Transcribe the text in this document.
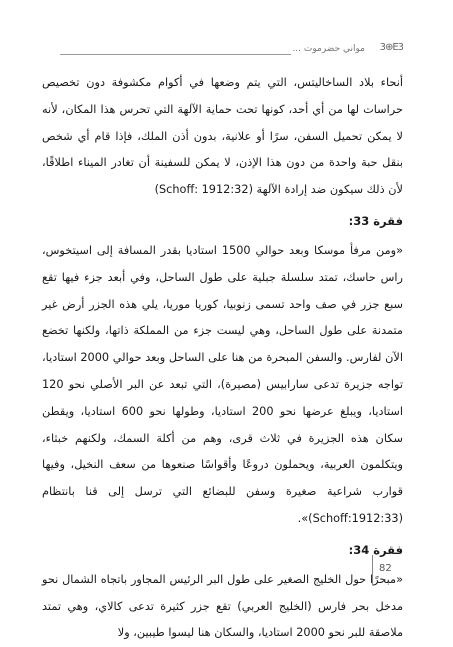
مواني حضرموت ... 3⊕E3

أنحاء بلاد الساخاليتس، التي يتم وضعها في أكوام مكشوفة دون تخصيص حراسات لها من أي أحد، كونها تحت حماية الآلهة التي تحرس هذا المكان، لأنه لا يمكن تحميل السفن، سرًا أو علانية، بدون أذن الملك، فإذا قام أي شخص بنقل حبة واحدة من دون هذا الإذن، لا يمكن للسفينة أن تغادر الميناء اطلاقًا، لأن ذلك سيكون ضد إرادة الآلهة (Schoff: 1912:32)

فقرة 33:

«ومن مرفأ موسكا وبعد حوالي 1500 استاديا بقدر المسافة إلى اسيتخوس، راس حاسك، تمتد سلسلة جبلية على طول الساحل، وفي أبعد جزء فيها تقع سبع جزر في صف واحد تسمى زنوبيا، كوريا موريا، يلي هذه الجزر أرض غير متمدنة على طول الساحل، وهي ليست جزء من المملكة ذاتها، ولكنها تخضع الآن لفارس. والسفن المبحرة من هنا على الساحل وبعد حوالي 2000 استاديا، تواجه جزيرة تدعى سارابيس (مصيرة)، التي تبعد عن البر الأصلي نحو 120 استاديا، ويبلغ عرضها نحو 200 استاديا، وطولها نحو 600 استاديا، ويقطن سكان هذه الجزيرة في ثلاث قرى، وهم من أكلة السمك، ولكنهم خبثاء، ويتكلمون العربية، ويحملون دروعًا وأقواسًا صنعوها من سعف النخيل، وفيها قوارب شراعية صغيرة وسفن للبضائع التي ترسل إلى قنا بانتظام (Schoff:1912:33)».

فقرة 34:

«مبحرًا حول الخليج الصغير على طول البر الرئيس المجاور باتجاه الشمال نحو مدخل بحر فارس (الخليج العربي) تقع جزر كثيرة تدعى كالاي، وهي تمتد ملاصقة للبر نحو 2000 استاديا، والسكان هنا ليسوا طيبين، ولا

82
